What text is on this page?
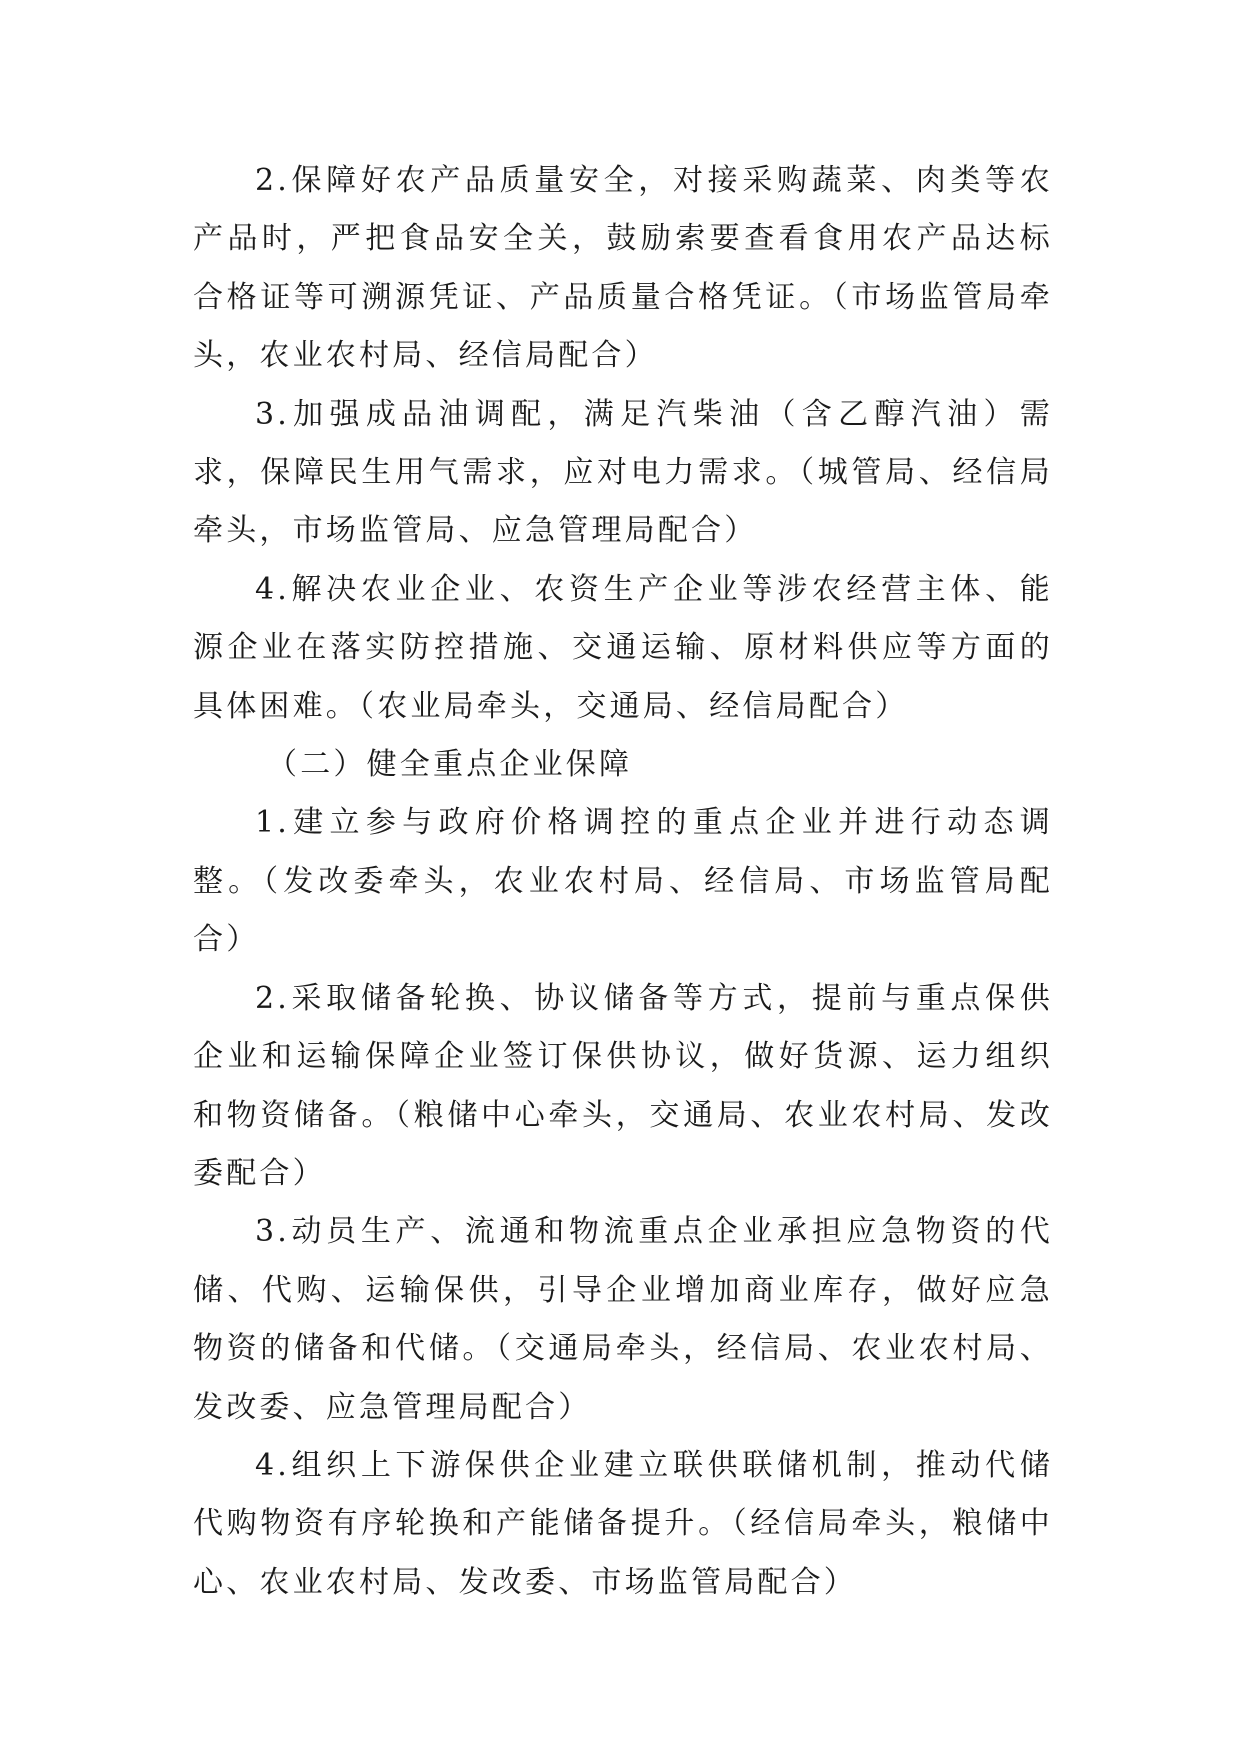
2.保障好农产品质量安全，对接采购蔬菜、肉类等农产品时，严把食品安全关，鼓励索要查看食用农产品达标合格证等可溯源凭证、产品质量合格凭证。（市场监管局牵头，农业农村局、经信局配合）

3.加强成品油调配，满足汽柴油（含乙醇汽油）需求，保障民生用气需求，应对电力需求。（城管局、经信局牵头，市场监管局、应急管理局配合）

4.解决农业企业、农资生产企业等涉农经营主体、能源企业在落实防控措施、交通运输、原材料供应等方面的具体困难。（农业局牵头，交通局、经信局配合）

（二）健全重点企业保障

1.建立参与政府价格调控的重点企业并进行动态调整。（发改委牵头，农业农村局、经信局、市场监管局配合）

2.采取储备轮换、协议储备等方式，提前与重点保供企业和运输保障企业签订保供协议，做好货源、运力组织和物资储备。（粮储中心牵头，交通局、农业农村局、发改委配合）

3.动员生产、流通和物流重点企业承担应急物资的代储、代购、运输保供，引导企业增加商业库存，做好应急物资的储备和代储。（交通局牵头，经信局、农业农村局、发改委、应急管理局配合）

4.组织上下游保供企业建立联供联储机制，推动代储代购物资有序轮换和产能储备提升。（经信局牵头，粮储中心、农业农村局、发改委、市场监管局配合）
